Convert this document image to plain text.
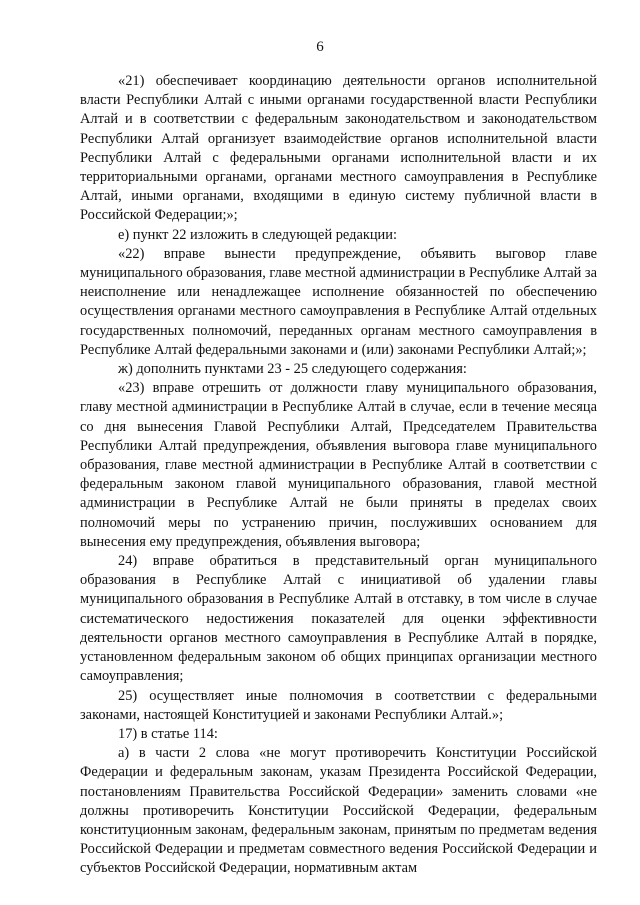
6

«21) обеспечивает координацию деятельности органов исполнительной власти Республики Алтай с иными органами государственной власти Республики Алтай и в соответствии с федеральным законодательством и законодательством Республики Алтай организует взаимодействие органов исполнительной власти Республики Алтай с федеральными органами исполнительной власти и их территориальными органами, органами местного самоуправления в Республике Алтай, иными органами, входящими в единую систему публичной власти в Российской Федерации;»;

е) пункт 22 изложить в следующей редакции:

«22) вправе вынести предупреждение, объявить выговор главе муниципального образования, главе местной администрации в Республике Алтай за неисполнение или ненадлежащее исполнение обязанностей по обеспечению осуществления органами местного самоуправления в Республике Алтай отдельных государственных полномочий, переданных органам местного самоуправления в Республике Алтай федеральными законами и (или) законами Республики Алтай;»;

ж) дополнить пунктами 23 - 25 следующего содержания:

«23) вправе отрешить от должности главу муниципального образования, главу местной администрации в Республике Алтай в случае, если в течение месяца со дня вынесения Главой Республики Алтай, Председателем Правительства Республики Алтай предупреждения, объявления выговора главе муниципального образования, главе местной администрации в Республике Алтай в соответствии с федеральным законом главой муниципального образования, главой местной администрации в Республике Алтай не были приняты в пределах своих полномочий меры по устранению причин, послуживших основанием для вынесения ему предупреждения, объявления выговора;

24) вправе обратиться в представительный орган муниципального образования в Республике Алтай с инициативой об удалении главы муниципального образования в Республике Алтай в отставку, в том числе в случае систематического недостижения показателей для оценки эффективности деятельности органов местного самоуправления в Республике Алтай в порядке, установленном федеральным законом об общих принципах организации местного самоуправления;

25) осуществляет иные полномочия в соответствии с федеральными законами, настоящей Конституцией и законами Республики Алтай.»;

17) в статье 114:

а) в части 2 слова «не могут противоречить Конституции Российской Федерации и федеральным законам, указам Президента Российской Федерации, постановлениям Правительства Российской Федерации» заменить словами «не должны противоречить Конституции Российской Федерации, федеральным конституционным законам, федеральным законам, принятым по предметам ведения Российской Федерации и предметам совместного ведения Российской Федерации и субъектов Российской Федерации, нормативным актам
